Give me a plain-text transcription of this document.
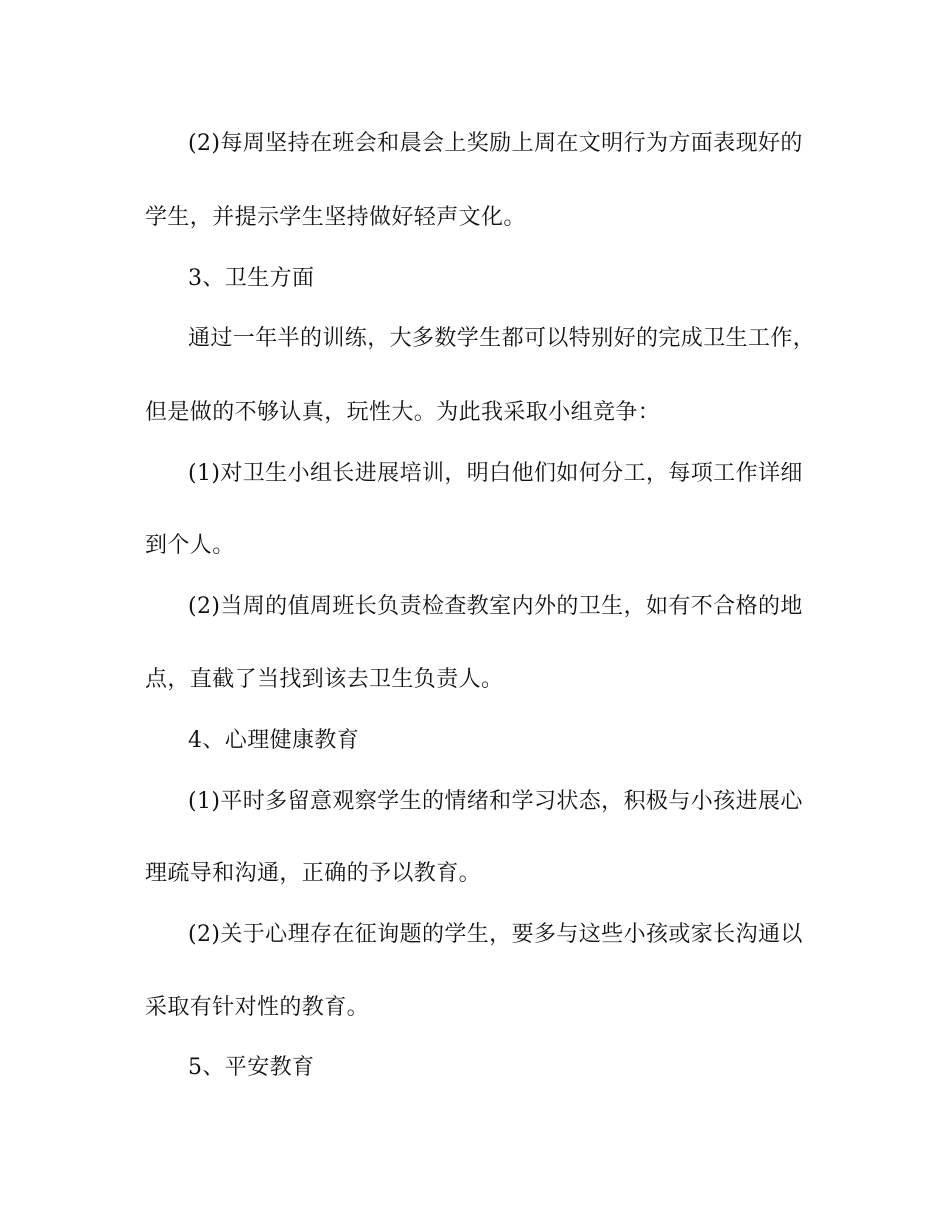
(2)每周坚持在班会和晨会上奖励上周在文明行为方面表现好的
学生，并提示学生坚持做好轻声文化。
3、卫生方面
通过一年半的训练，大多数学生都可以特别好的完成卫生工作，
但是做的不够认真，玩性大。为此我采取小组竞争：
(1)对卫生小组长进展培训，明白他们如何分工，每项工作详细
到个人。
(2)当周的值周班长负责检查教室内外的卫生，如有不合格的地
点，直截了当找到该去卫生负责人。
4、心理健康教育
(1)平时多留意观察学生的情绪和学习状态，积极与小孩进展心
理疏导和沟通，正确的予以教育。
(2)关于心理存在征询题的学生，要多与这些小孩或家长沟通以
采取有针对性的教育。
5、平安教育
